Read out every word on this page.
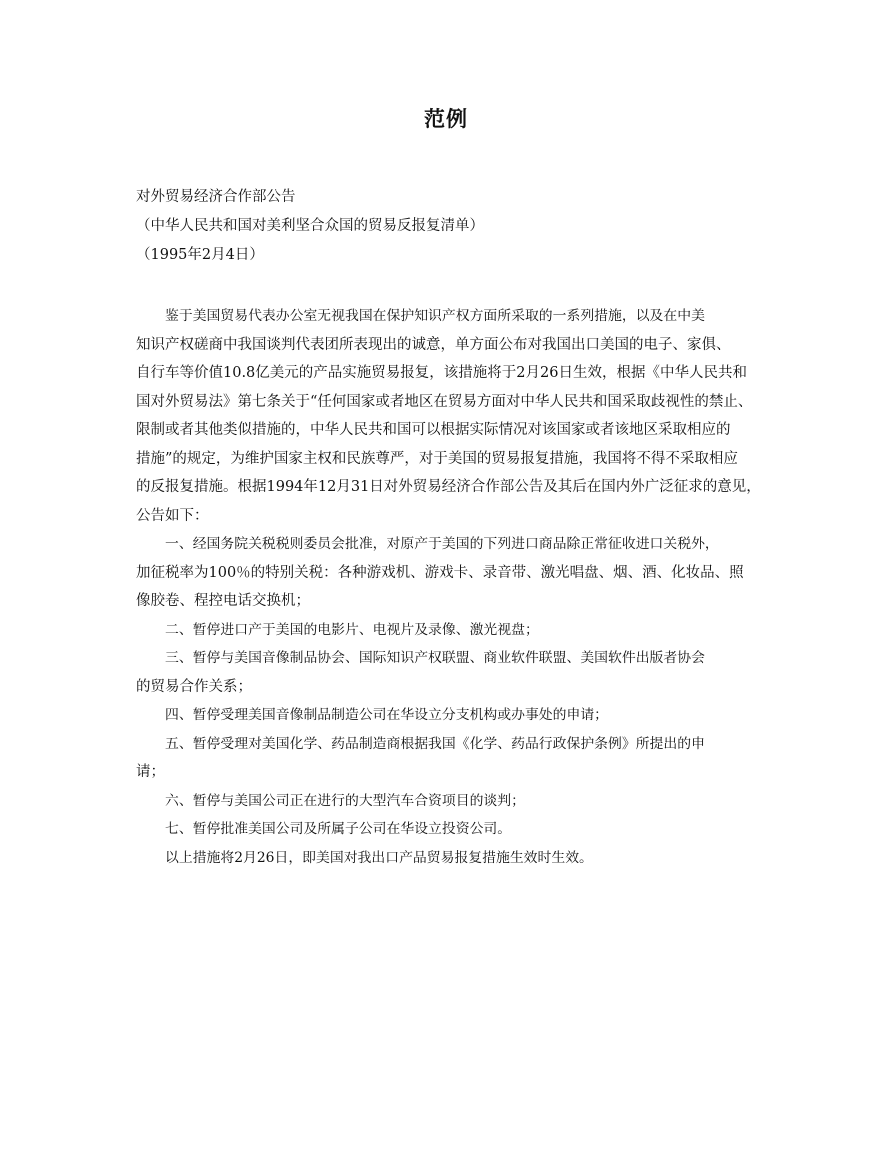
范例
对外贸易经济合作部公告
（中华人民共和国对美利坚合众国的贸易反报复清单）
（1995年2月4日）

鉴于美国贸易代表办公室无视我国在保护知识产权方面所采取的一系列措施，以及在中美
知识产权磋商中我国谈判代表团所表现出的诚意，单方面公布对我国出口美国的电子、家俱、
自行车等价值10.8亿美元的产品实施贸易报复，该措施将于2月26日生效，根据《中华人民共和
国对外贸易法》第七条关于“任何国家或者地区在贸易方面对中华人民共和国采取歧视性的禁止、
限制或者其他类似措施的，中华人民共和国可以根据实际情况对该国家或者该地区采取相应的
措施”的规定，为维护国家主权和民族尊严，对于美国的贸易报复措施，我国将不得不采取相应
的反报复措施。根据1994年12月31日对外贸易经济合作部公告及其后在国内外广泛征求的意见，
公告如下：

一、经国务院关税税则委员会批准，对原产于美国的下列进口商品除正常征收进口关税外，
加征税率为100％的特别关税：各种游戏机、游戏卡、录音带、激光唱盘、烟、酒、化妆品、照
像胶卷、程控电话交换机；

二、暂停进口产于美国的电影片、电视片及录像、激光视盘；

三、暂停与美国音像制品协会、国际知识产权联盟、商业软件联盟、美国软件出版者协会
的贸易合作关系；

四、暂停受理美国音像制品制造公司在华设立分支机构或办事处的申请；

五、暂停受理对美国化学、药品制造商根据我国《化学、药品行政保护条例》所提出的申
请；

六、暂停与美国公司正在进行的大型汽车合资项目的谈判；

七、暂停批准美国公司及所属子公司在华设立投资公司。

以上措施将2月26日，即美国对我出口产品贸易报复措施生效时生效。
